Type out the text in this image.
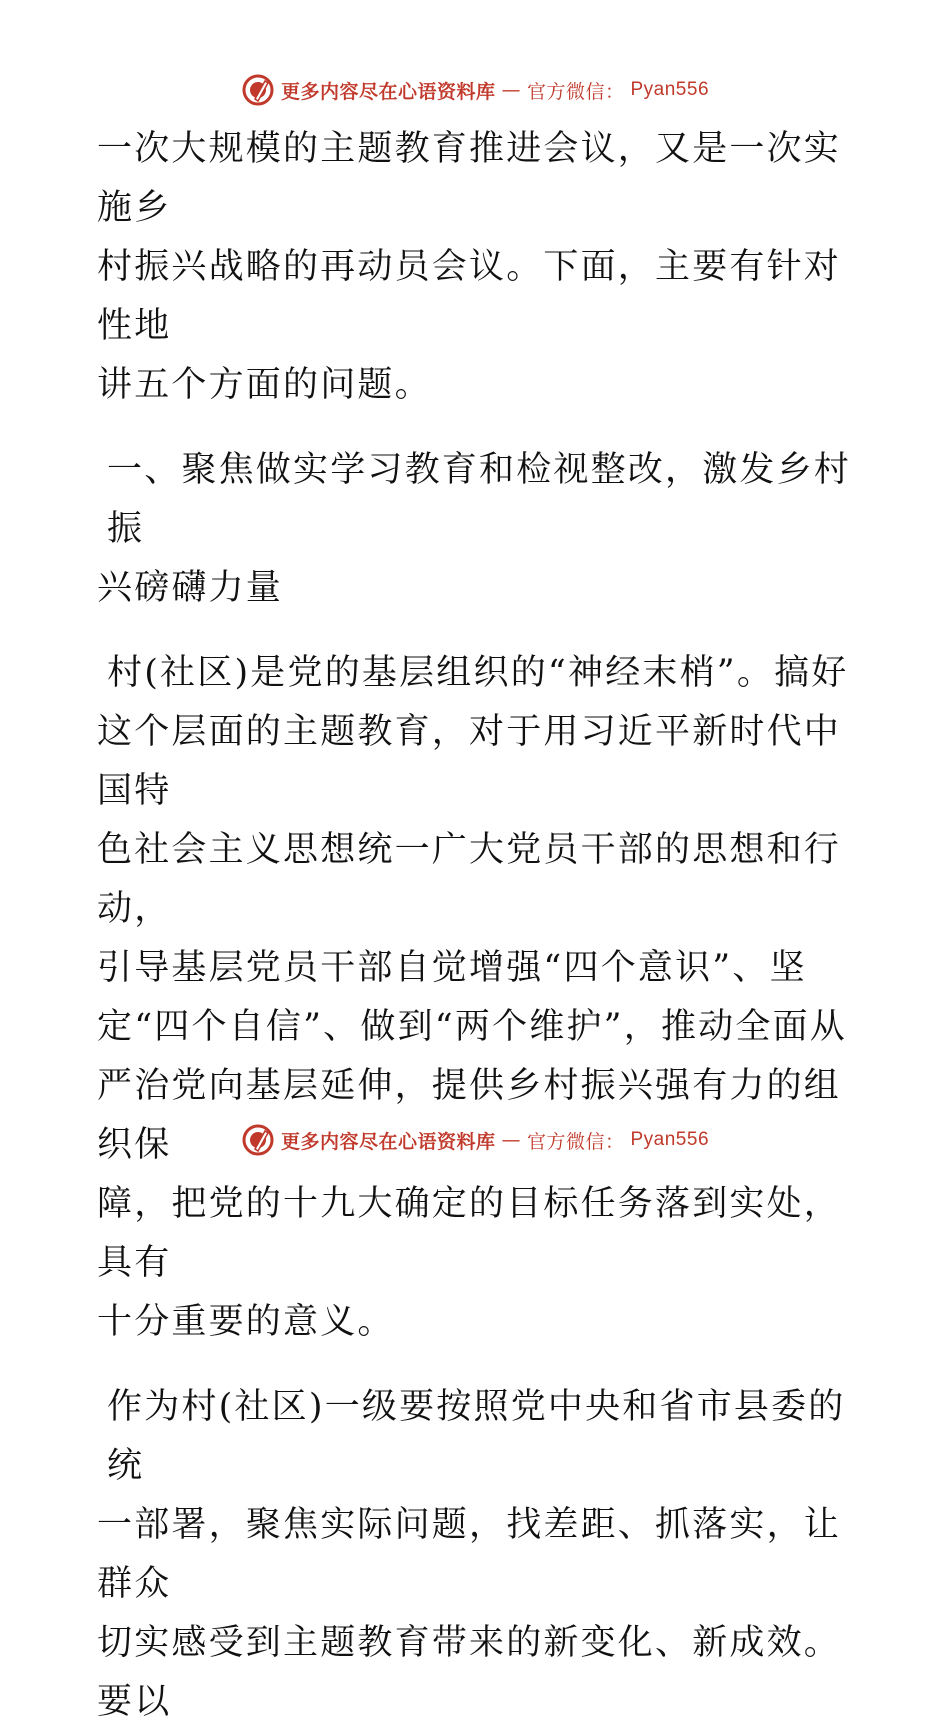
更多内容尽在心语资料库 — 官方微信： Pyan556

一次大规模的主题教育推进会议，又是一次实施乡

村振兴战略的再动员会议。下面，主要有针对性地

讲五个方面的问题。

一、聚焦做实学习教育和检视整改，激发乡村振

兴磅礴力量

村(社区)是党的基层组织的“神经末梢”。搞好

这个层面的主题教育，对于用习近平新时代中国特

色社会主义思想统一广大党员干部的思想和行动，

引导基层党员干部自觉增强“四个意识”、坚

定“四个自信”、做到“两个维护”，推动全面从

严治党向基层延伸，提供乡村振兴强有力的组织保

障，把党的十九大确定的目标任务落到实处，具有

十分重要的意义。

作为村(社区)一级要按照党中央和省市县委的统

一部署，聚焦实际问题，找差距、抓落实，让群众

切实感受到主题教育带来的新变化、新成效。要以

更多内容尽在心语资料库 — 官方微信： Pyan556
